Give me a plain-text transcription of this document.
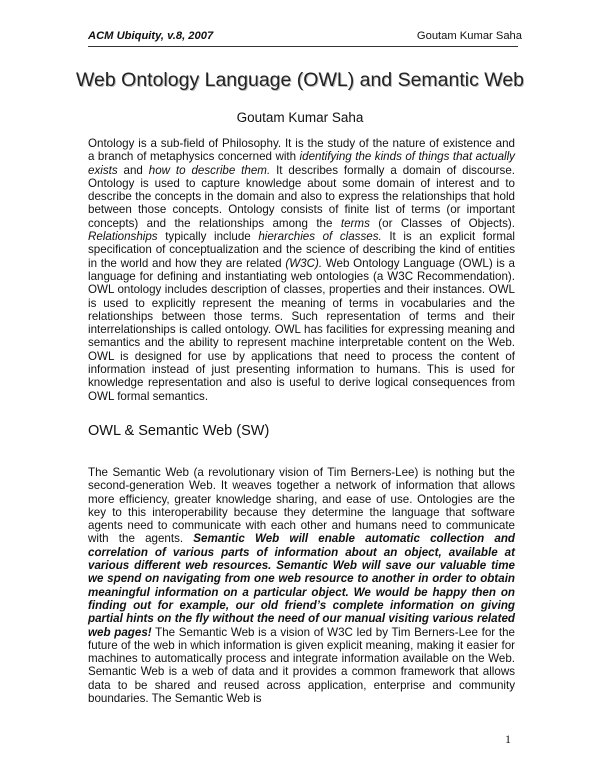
ACM Ubiquity, v.8, 2007	Goutam Kumar Saha
Web Ontology Language (OWL) and Semantic Web
Goutam Kumar Saha

Ontology is a sub-field of Philosophy. It is the study of the nature of existence and a branch of metaphysics concerned with identifying the kinds of things that actually exists and how to describe them. It describes formally a domain of discourse. Ontology is used to capture knowledge about some domain of interest and to describe the concepts in the domain and also to express the relationships that hold between those concepts. Ontology consists of finite list of terms (or important concepts) and the relationships among the terms (or Classes of Objects). Relationships typically include hierarchies of classes. It is an explicit formal specification of conceptualization and the science of describing the kind of entities in the world and how they are related (W3C). Web Ontology Language (OWL) is a language for defining and instantiating web ontologies (a W3C Recommendation). OWL ontology includes description of classes, properties and their instances. OWL is used to explicitly represent the meaning of terms in vocabularies and the relationships between those terms. Such representation of terms and their interrelationships is called ontology. OWL has facilities for expressing meaning and semantics and the ability to represent machine interpretable content on the Web. OWL is designed for use by applications that need to process the content of information instead of just presenting information to humans. This is used for knowledge representation and also is useful to derive logical consequences from OWL formal semantics.

OWL & Semantic Web (SW)

The Semantic Web (a revolutionary vision of Tim Berners-Lee) is nothing but the second-generation Web. It weaves together a network of information that allows more efficiency, greater knowledge sharing, and ease of use. Ontologies are the key to this interoperability because they determine the language that software agents need to communicate with each other and humans need to communicate with the agents. Semantic Web will enable automatic collection and correlation of various parts of information about an object, available at various different web resources. Semantic Web will save our valuable time we spend on navigating from one web resource to another in order to obtain meaningful information on a particular object. We would be happy then on finding out for example, our old friend’s complete information on giving partial hints on the fly without the need of our manual visiting various related web pages! The Semantic Web is a vision of W3C led by Tim Berners-Lee for the future of the web in which information is given explicit meaning, making it easier for machines to automatically process and integrate information available on the Web. Semantic Web is a web of data and it provides a common framework that allows data to be shared and reused across application, enterprise and community boundaries. The Semantic Web is

1
